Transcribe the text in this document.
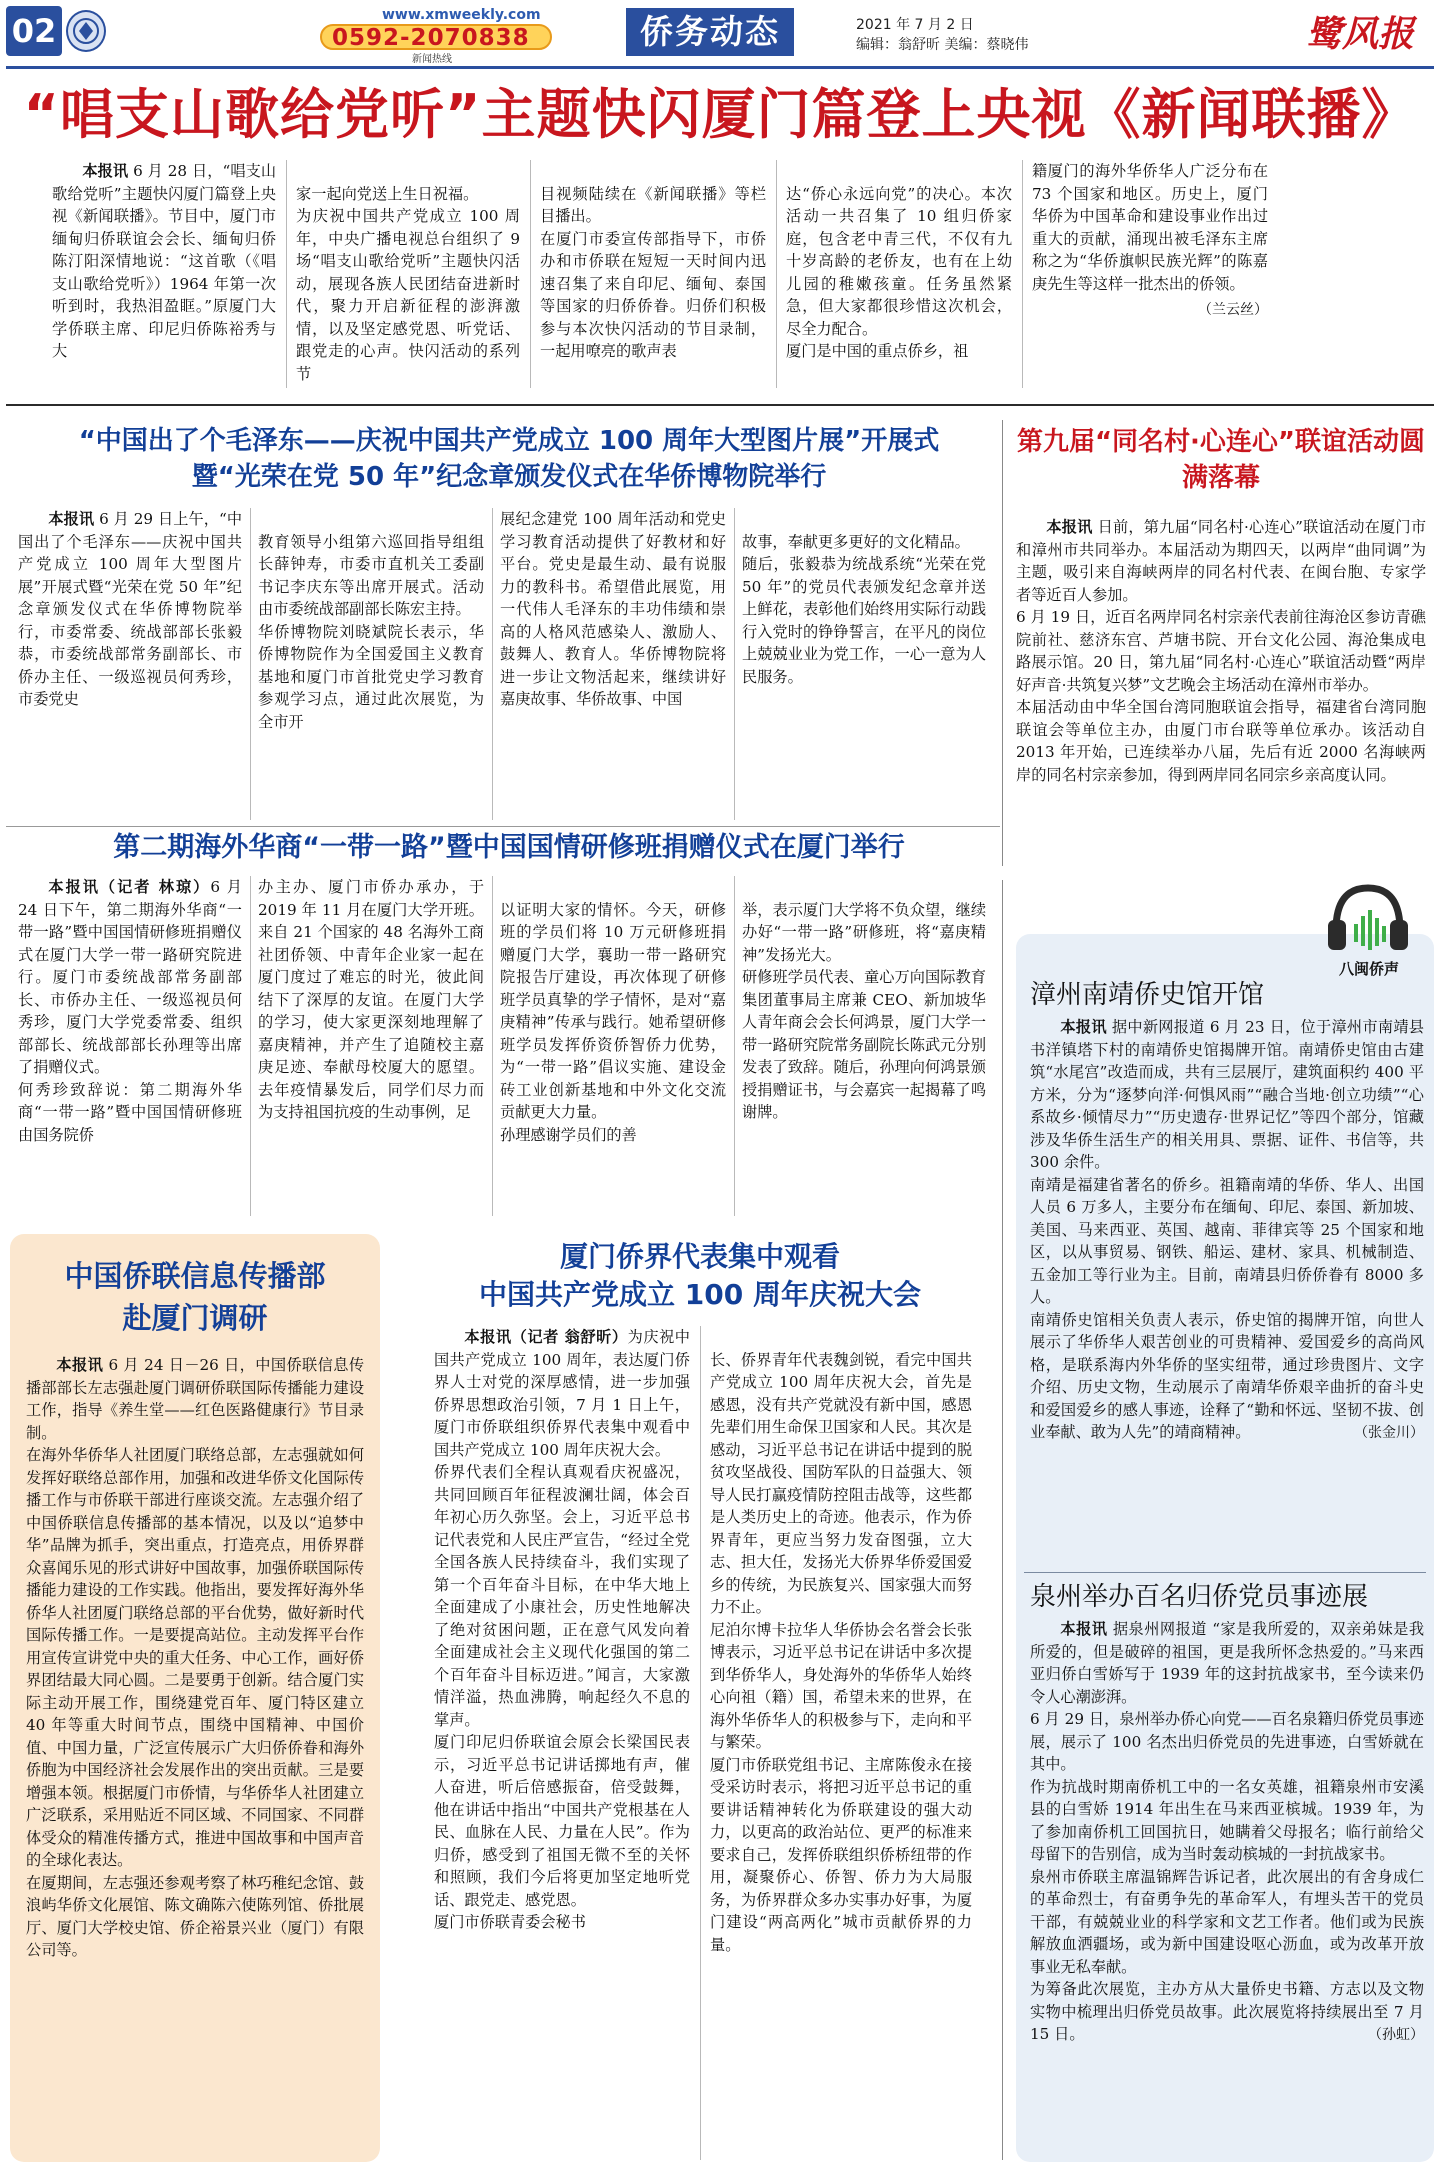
02	www.xmweekly.com
0592-2070838
新闻热线
侨务动态	2021 年 7 月 2 日
编辑：翁舒昕 美编：蔡晓伟	鹭风报
“唱支山歌给党听”主题快闪厦门篇登上央视《新闻联播》

本报讯 6 月 28 日，“唱支山歌给党听”主题快闪厦门篇登上央视《新闻联播》。节目中，厦门市缅甸归侨联谊会会长、缅甸归侨陈汀阳深情地说：“这首歌（《唱支山歌给党听》）1964 年第一次听到时，我热泪盈眶。”原厦门大学侨联主席、印尼归侨陈裕秀与大

家一起向党送上生日祝福。
为庆祝中国共产党成立 100 周年，中央广播电视总台组织了 9 场“唱支山歌给党听”主题快闪活动，展现各族人民团结奋进新时代，聚力开启新征程的澎湃激情，以及坚定感党恩、听党话、跟党走的心声。快闪活动的系列节

目视频陆续在《新闻联播》等栏目播出。
在厦门市委宣传部指导下，市侨办和市侨联在短短一天时间内迅速召集了来自印尼、缅甸、泰国等国家的归侨侨眷。归侨们积极参与本次快闪活动的节目录制，一起用嘹亮的歌声表

达“侨心永远向党”的决心。本次活动一共召集了 10 组归侨家庭，包含老中青三代，不仅有九十岁高龄的老侨友，也有在上幼儿园的稚嫩孩童。任务虽然紧急，但大家都很珍惜这次机会，尽全力配合。
厦门是中国的重点侨乡，祖

籍厦门的海外华侨华人广泛分布在 73 个国家和地区。历史上，厦门华侨为中国革命和建设事业作出过重大的贡献，涌现出被毛泽东主席称之为“华侨旗帜民族光辉”的陈嘉庚先生等这样一批杰出的侨领。

（兰云丝）
“中国出了个毛泽东——庆祝中国共产党成立 100 周年大型图片展”开展式
暨“光荣在党 50 年”纪念章颁发仪式在华侨博物院举行

本报讯 6 月 29 日上午，“中国出了个毛泽东——庆祝中国共产党成立 100 周年大型图片展”开展式暨“光荣在党 50 年”纪念章颁发仪式在华侨博物院举行，市委常委、统战部部长张毅恭，市委统战部常务副部长、市侨办主任、一级巡视员何秀珍，市委党史

教育领导小组第六巡回指导组组长薛钟寿，市委市直机关工委副书记李庆东等出席开展式。活动由市委统战部副部长陈宏主持。
华侨博物院刘晓斌院长表示，华侨博物院作为全国爱国主义教育基地和厦门市首批党史学习教育参观学习点，通过此次展览，为全市开

展纪念建党 100 周年活动和党史学习教育活动提供了好教材和好平台。党史是最生动、最有说服力的教科书。希望借此展览，用一代伟人毛泽东的丰功伟绩和崇高的人格风范感染人、激励人、鼓舞人、教育人。华侨博物院将进一步让文物活起来，继续讲好嘉庚故事、华侨故事、中国

故事，奉献更多更好的文化精品。
随后，张毅恭为统战系统“光荣在党 50 年”的党员代表颁发纪念章并送上鲜花，表彰他们始终用实际行动践行入党时的铮铮誓言，在平凡的岗位上兢兢业业为党工作，一心一意为人民服务。

第九届“同名村·心连心”联谊活动圆满落幕

本报讯 日前，第九届“同名村·心连心”联谊活动在厦门市和漳州市共同举办。本届活动为期四天，以两岸“曲同调”为主题，吸引来自海峡两岸的同名村代表、在闽台胞、专家学者等近百人参加。
6 月 19 日，近百名两岸同名村宗亲代表前往海沧区参访青礁院前社、慈济东宫、芦塘书院、开台文化公园、海沧集成电路展示馆。20 日，第九届“同名村·心连心”联谊活动暨“两岸好声音·共筑复兴梦”文艺晚会主场活动在漳州市举办。
本届活动由中华全国台湾同胞联谊会指导，福建省台湾同胞联谊会等单位主办，由厦门市台联等单位承办。该活动自 2013 年开始，已连续举办八届，先后有近 2000 名海峡两岸的同名村宗亲参加，得到两岸同名同宗乡亲高度认同。

第二期海外华商“一带一路”暨中国国情研修班捐赠仪式在厦门举行

本报讯（记者 林琼）6 月 24 日下午，第二期海外华商“一带一路”暨中国国情研修班捐赠仪式在厦门大学一带一路研究院进行。厦门市委统战部常务副部长、市侨办主任、一级巡视员何秀珍，厦门大学党委常委、组织部部长、统战部部长孙理等出席了捐赠仪式。
何秀珍致辞说：第二期海外华商“一带一路”暨中国国情研修班由国务院侨

办主办、厦门市侨办承办，于 2019 年 11 月在厦门大学开班。来自 21 个国家的 48 名海外工商社团侨领、中青年企业家一起在厦门度过了难忘的时光，彼此间结下了深厚的友谊。在厦门大学的学习，使大家更深刻地理解了嘉庚精神，并产生了追随校主嘉庚足迹、奉献母校厦大的愿望。去年疫情暴发后，同学们尽力而为支持祖国抗疫的生动事例，足

以证明大家的情怀。今天，研修班的学员们将 10 万元研修班捐赠厦门大学，襄助一带一路研究院报告厅建设，再次体现了研修班学员真挚的学子情怀，是对“嘉庚精神”传承与践行。她希望研修班学员发挥侨资侨智侨力优势，为“一带一路”倡议实施、建设金砖工业创新基地和中外文化交流贡献更大力量。
孙理感谢学员们的善

举，表示厦门大学将不负众望，继续办好“一带一路”研修班，将“嘉庚精神”发扬光大。
研修班学员代表、童心万向国际教育集团董事局主席兼 CEO、新加坡华人青年商会会长何鸿景，厦门大学一带一路研究院常务副院长陈武元分别发表了致辞。随后，孙理向何鸿景颁授捐赠证书，与会嘉宾一起揭幕了鸣谢牌。

中国侨联信息传播部
赴厦门调研

本报讯 6 月 24 日－26 日，中国侨联信息传播部部长左志强赴厦门调研侨联国际传播能力建设工作，指导《养生堂——红色医路健康行》节目录制。
在海外华侨华人社团厦门联络总部，左志强就如何发挥好联络总部作用，加强和改进华侨文化国际传播工作与市侨联干部进行座谈交流。左志强介绍了中国侨联信息传播部的基本情况，以及以“追梦中华”品牌为抓手，突出重点，打造亮点，用侨界群众喜闻乐见的形式讲好中国故事，加强侨联国际传播能力建设的工作实践。他指出，要发挥好海外华侨华人社团厦门联络总部的平台优势，做好新时代国际传播工作。一是要提高站位。主动发挥平台作用宣传宣讲党中央的重大任务、中心工作，画好侨界团结最大同心圆。二是要勇于创新。结合厦门实际主动开展工作，围绕建党百年、厦门特区建立 40 年等重大时间节点，围绕中国精神、中国价值、中国力量，广泛宣传展示广大归侨侨眷和海外侨胞为中国经济社会发展作出的突出贡献。三是要增强本领。根据厦门市侨情，与华侨华人社团建立广泛联系，采用贴近不同区域、不同国家、不同群体受众的精准传播方式，推进中国故事和中国声音的全球化表达。
在厦期间，左志强还参观考察了林巧稚纪念馆、鼓浪屿华侨文化展馆、陈文确陈六使陈列馆、侨批展厅、厦门大学校史馆、侨企裕景兴业（厦门）有限公司等。

厦门侨界代表集中观看
中国共产党成立 100 周年庆祝大会

本报讯（记者 翁舒昕）为庆祝中国共产党成立 100 周年，表达厦门侨界人士对党的深厚感情，进一步加强侨界思想政治引领，7 月 1 日上午，厦门市侨联组织侨界代表集中观看中国共产党成立 100 周年庆祝大会。
侨界代表们全程认真观看庆祝盛况，共同回顾百年征程波澜壮阔，体会百年初心历久弥坚。会上，习近平总书记代表党和人民庄严宣告，“经过全党全国各族人民持续奋斗，我们实现了第一个百年奋斗目标，在中华大地上全面建成了小康社会，历史性地解决了绝对贫困问题，正在意气风发向着全面建成社会主义现代化强国的第二个百年奋斗目标迈进。”闻言，大家激情洋溢，热血沸腾，响起经久不息的掌声。
厦门印尼归侨联谊会原会长梁国民表示，习近平总书记讲话掷地有声，催人奋进，听后倍感振奋，倍受鼓舞，他在讲话中指出“中国共产党根基在人民、血脉在人民、力量在人民”。作为归侨，感受到了祖国无微不至的关怀和照顾，我们今后将更加坚定地听党话、跟党走、感党恩。
厦门市侨联青委会秘书

长、侨界青年代表魏剑锐，看完中国共产党成立 100 周年庆祝大会，首先是感恩，没有共产党就没有新中国，感恩先辈们用生命保卫国家和人民。其次是感动，习近平总书记在讲话中提到的脱贫攻坚战役、国防军队的日益强大、领导人民打赢疫情防控阻击战等，这些都是人类历史上的奇迹。他表示，作为侨界青年，更应当努力发奋图强，立大志、担大任，发扬光大侨界华侨爱国爱乡的传统，为民族复兴、国家强大而努力不止。
尼泊尔博卡拉华人华侨协会名誉会长张博表示，习近平总书记在讲话中多次提到华侨华人，身处海外的华侨华人始终心向祖（籍）国，希望未来的世界，在海外华侨华人的积极参与下，走向和平与繁荣。
厦门市侨联党组书记、主席陈俊永在接受采访时表示，将把习近平总书记的重要讲话精神转化为侨联建设的强大动力，以更高的政治站位、更严的标准来要求自己，发挥侨联组织侨桥纽带的作用，凝聚侨心、侨智、侨力为大局服务，为侨界群众多办实事办好事，为厦门建设“两高两化”城市贡献侨界的力量。

八闽侨声
漳州南靖侨史馆开馆

本报讯 据中新网报道 6 月 23 日，位于漳州市南靖县书洋镇塔下村的南靖侨史馆揭牌开馆。南靖侨史馆由古建筑“水尾宫”改造而成，共有三层展厅，建筑面积约 400 平方米，分为“逐梦向洋·何惧风雨”“融合当地·创立功绩”“心系故乡·倾情尽力”“历史遗存·世界记忆”等四个部分，馆藏涉及华侨生活生产的相关用具、票据、证件、书信等，共 300 余件。
南靖是福建省著名的侨乡。祖籍南靖的华侨、华人、出国人员 6 万多人，主要分布在缅甸、印尼、泰国、新加坡、美国、马来西亚、英国、越南、菲律宾等 25 个国家和地区，以从事贸易、钢铁、船运、建材、家具、机械制造、五金加工等行业为主。目前，南靖县归侨侨眷有 8000 多人。
南靖侨史馆相关负责人表示，侨史馆的揭牌开馆，向世人展示了华侨华人艰苦创业的可贵精神、爱国爱乡的高尚风格，是联系海内外华侨的坚实纽带，通过珍贵图片、文字介绍、历史文物，生动展示了南靖华侨艰辛曲折的奋斗史和爱国爱乡的感人事迹，诠释了“勤和怀远、坚韧不拔、创业奉献、敢为人先”的靖商精神。	（张金川）
泉州举办百名归侨党员事迹展

本报讯 据泉州网报道 “家是我所爱的，双亲弟妹是我所爱的，但是破碎的祖国，更是我所怀念热爱的。”马来西亚归侨白雪娇写于 1939 年的这封抗战家书，至今读来仍令人心潮澎湃。
6 月 29 日，泉州举办侨心向党——百名泉籍归侨党员事迹展，展示了 100 名杰出归侨党员的先进事迹，白雪娇就在其中。
作为抗战时期南侨机工中的一名女英雄，祖籍泉州市安溪县的白雪娇 1914 年出生在马来西亚槟城。1939 年，为了参加南侨机工回国抗日，她瞒着父母报名；临行前给父母留下的告别信，成为当时轰动槟城的一封抗战家书。
泉州市侨联主席温锦辉告诉记者，此次展出的有舍身成仁的革命烈士，有奋勇争先的革命军人，有埋头苦干的党员干部，有兢兢业业的科学家和文艺工作者。他们或为民族解放血洒疆场，或为新中国建设呕心沥血，或为改革开放事业无私奉献。
为筹备此次展览，主办方从大量侨史书籍、方志以及文物实物中梳理出归侨党员故事。此次展览将持续展出至 7 月 15 日。	（孙虹）
